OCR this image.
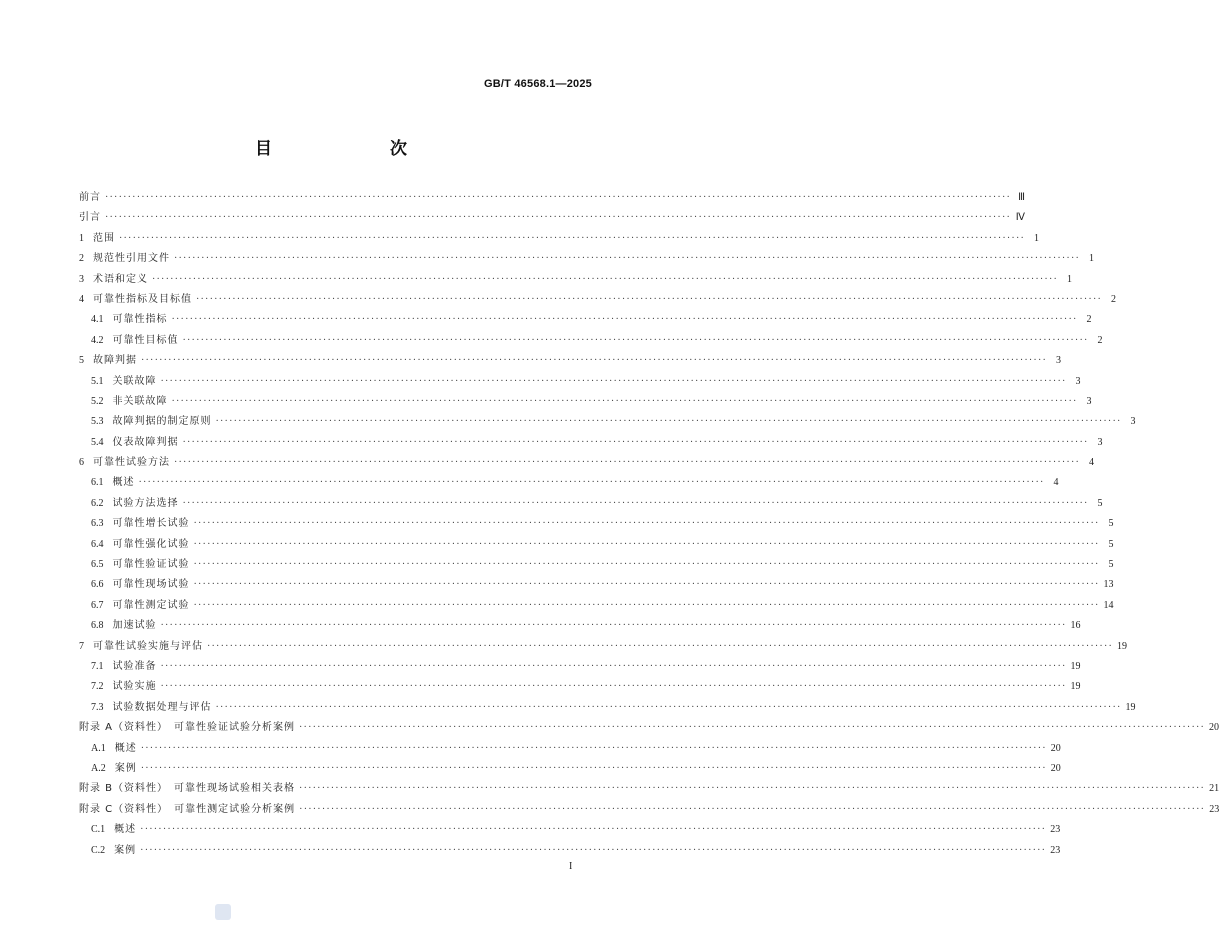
GB/T 46568.1—2025
目　　次
前言 ········································································································································································································ Ⅲ
引言 ········································································································································································································ Ⅳ
1 范围 ········································································································································································································ 1
2 规范性引用文件 ········································································································································································································ 1
3 术语和定义 ········································································································································································································ 1
4 可靠性指标及目标值 ········································································································································································································ 2
4.1 可靠性指标 ········································································································································································································ 2
4.2 可靠性目标值 ········································································································································································································ 2
5 故障判据 ········································································································································································································ 3
5.1 关联故障 ········································································································································································································ 3
5.2 非关联故障 ········································································································································································································ 3
5.3 故障判据的制定原则 ········································································································································································································ 3
5.4 仪表故障判据 ········································································································································································································ 3
6 可靠性试验方法 ········································································································································································································ 4
6.1 概述 ········································································································································································································ 4
6.2 试验方法选择 ········································································································································································································ 5
6.3 可靠性增长试验 ········································································································································································································ 5
6.4 可靠性强化试验 ········································································································································································································ 5
6.5 可靠性验证试验 ········································································································································································································ 5
6.6 可靠性现场试验 ········································································································································································································ 13
6.7 可靠性测定试验 ········································································································································································································ 14
6.8 加速试验 ········································································································································································································ 16
7 可靠性试验实施与评估 ········································································································································································································ 19
7.1 试验准备 ········································································································································································································ 19
7.2 试验实施 ········································································································································································································ 19
7.3 试验数据处理与评估 ········································································································································································································ 19
附录 A（资料性）　可靠性验证试验分析案例 ········································································································································································································ 20
A.1 概述 ········································································································································································································ 20
A.2 案例 ········································································································································································································ 20
附录 B（资料性）　可靠性现场试验相关表格 ········································································································································································································ 21
附录 C（资料性）　可靠性测定试验分析案例 ········································································································································································································ 23
C.1 概述 ········································································································································································································ 23
C.2 案例 ········································································································································································································ 23
I
